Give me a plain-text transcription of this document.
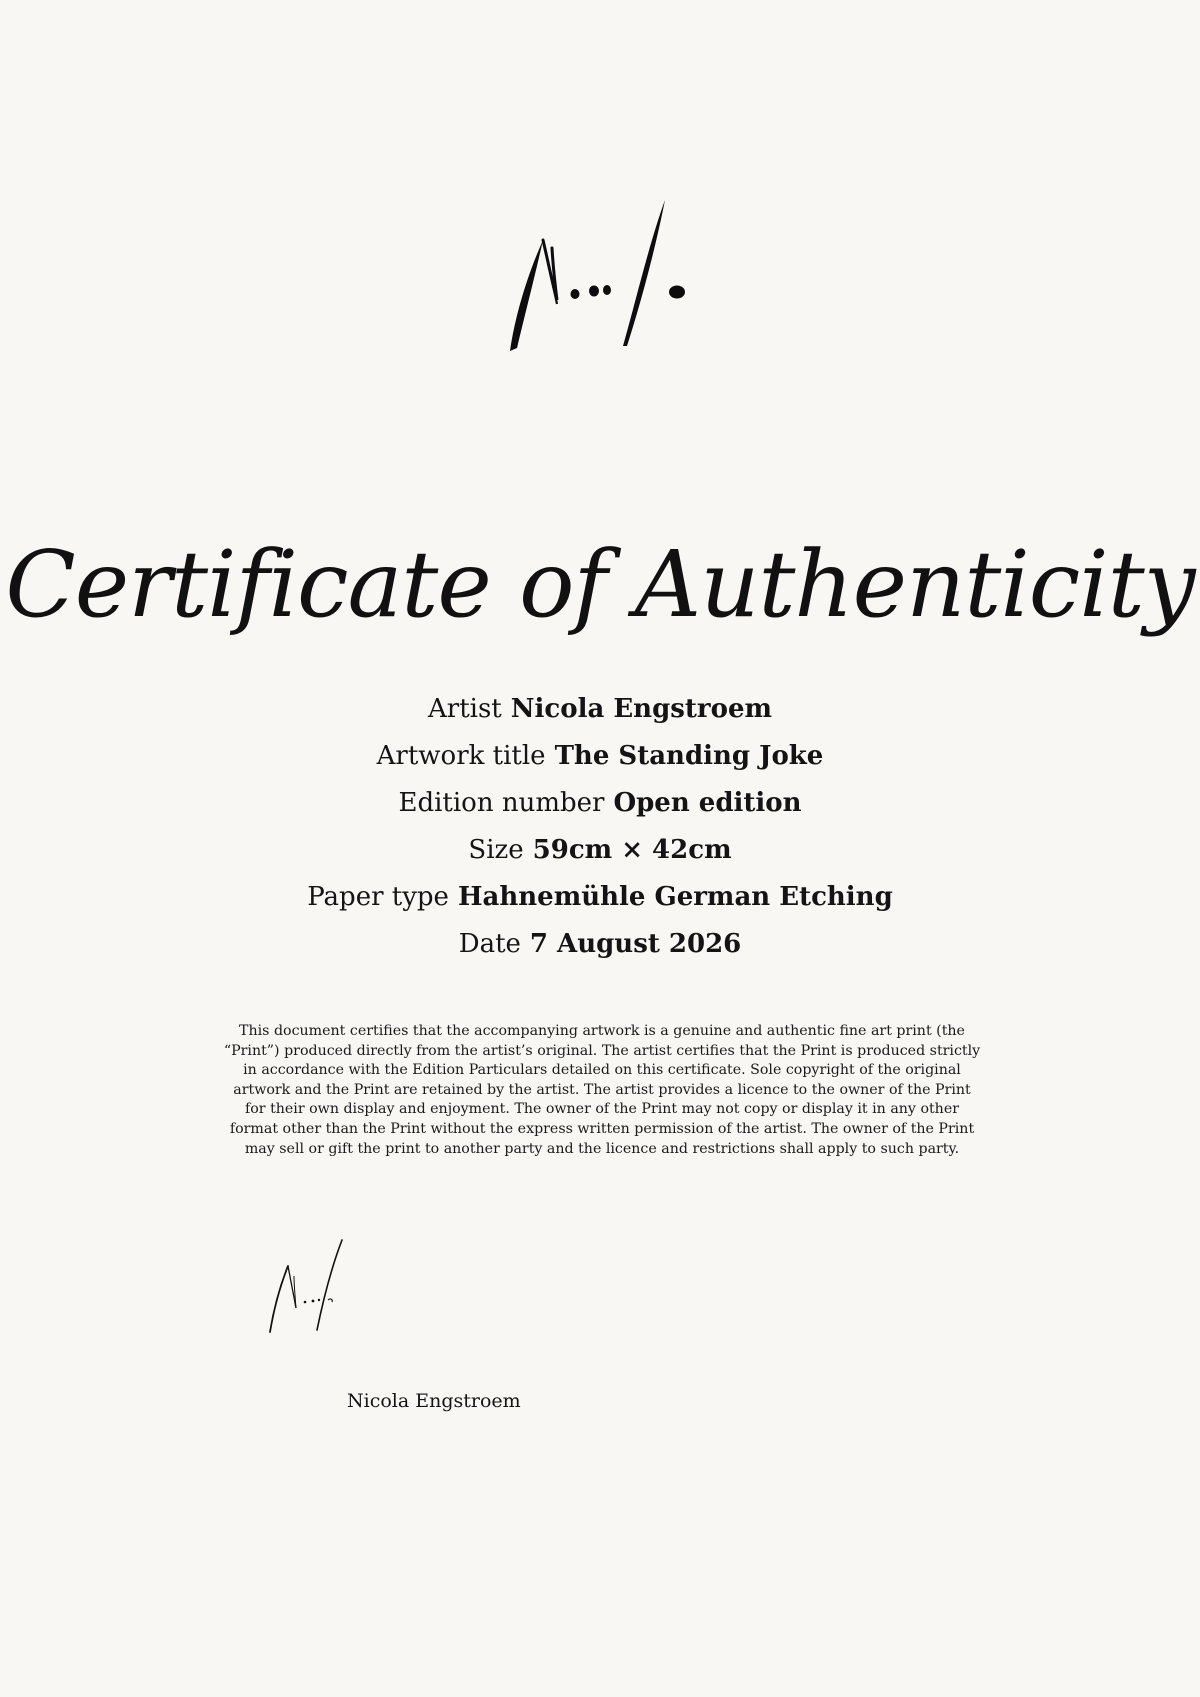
Certificate of Authenticity
Artist Nicola Engstroem
Artwork title The Standing Joke
Edition number Open edition
Size 59cm × 42cm
Paper type Hahnemühle German Etching
Date 7 August 2026
This document certifies that the accompanying artwork is a genuine and authentic fine art print (the “Print”) produced directly from the artist’s original. The artist certifies that the Print is produced strictly in accordance with the Edition Particulars detailed on this certificate. Sole copyright of the original artwork and the Print are retained by the artist. The artist provides a licence to the owner of the Print for their own display and enjoyment. The owner of the Print may not copy or display it in any other format other than the Print without the express written permission of the artist. The owner of the Print may sell or gift the print to another party and the licence and restrictions shall apply to such party.
Nicola Engstroem
